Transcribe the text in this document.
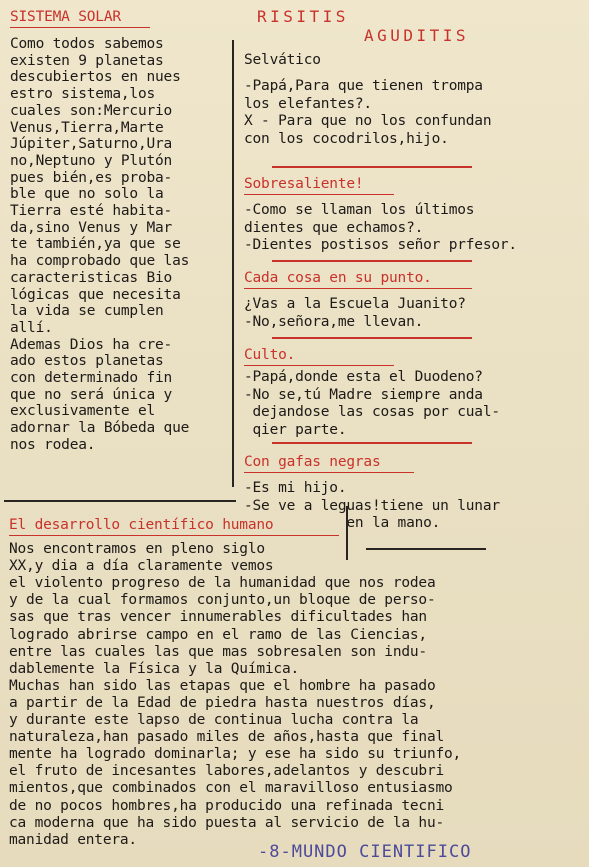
SISTEMA SOLAR
Como todos sabemos
existen 9 planetas
descubiertos en nues
estro sistema,los
cuales son:Mercurio
Venus,Tierra,Marte
Júpiter,Saturno,Ura
no,Neptuno y Plutón
pues bién,es proba-
ble que no solo la
Tierra esté habita-
da,sino Venus y Mar
te también,ya que se
ha comprobado que las
caracteristicas Bio
lógicas que necesita
la vida se cumplen
allí.
Ademas Dios ha cre-
ado estos planetas
con determinado fin
que no será única y
exclusivamente el
adornar la Bóbeda que
nos rodea.
RISITIS
AGUDITIS
Selvático
-Papá,Para que tienen trompa
los elefantes?.
X - Para que no los confundan
con los cocodrilos,hijo.
Sobresaliente!
-Como se llaman los últimos
dientes que echamos?.
-Dientes postisos señor prfesor.
Cada cosa en su punto.
¿Vas a la Escuela Juanito?
-No,señora,me llevan.
Culto.
-Papá,donde esta el Duodeno?
-No se,tú Madre siempre anda
dejandose las cosas por cual-
qier parte.
Con gafas negras
-Es mi hijo.
-Se ve a leguas!tiene un lunar
en la mano.
El desarrollo científico humano
Nos encontramos en pleno siglo
XX,y dia a día claramente vemos
el violento progreso de la humanidad que nos rodea
y de la cual formamos conjunto,un bloque de perso-
sas que tras vencer innumerables dificultades han
logrado abrirse campo en el ramo de las Ciencias,
entre las cuales las que mas sobresalen son indu-
dablemente la Física y la Química.
Muchas han sido las etapas que el hombre ha pasado
a partir de la Edad de piedra hasta nuestros días,
y durante este lapso de continua lucha contra la
naturaleza,han pasado miles de años,hasta que final
mente ha logrado dominarla; y ese ha sido su triunfo,
el fruto de incesantes labores,adelantos y descubri
mientos,que combinados con el maravilloso entusiasmo
de no pocos hombres,ha producido una refinada tecni
ca moderna que ha sido puesta al servicio de la hu-
manidad entera.
-8-MUNDO CIENTIFICO
